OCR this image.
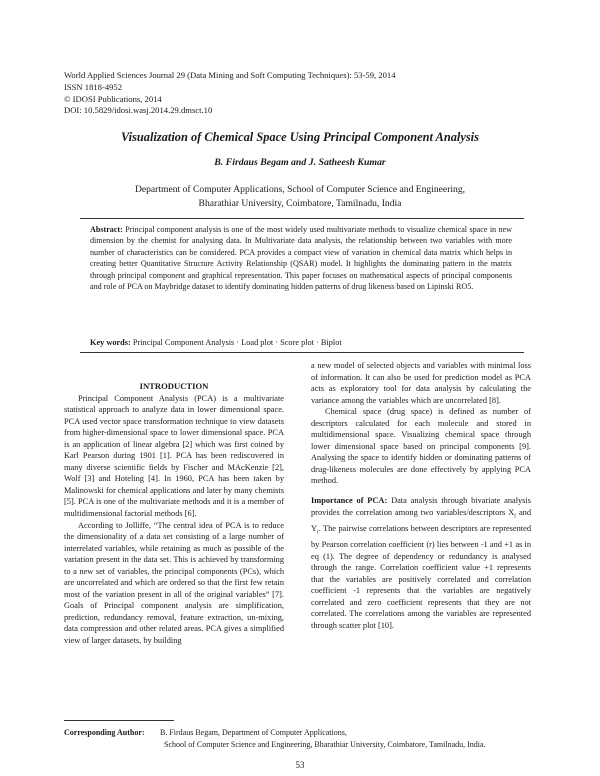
World Applied Sciences Journal 29 (Data Mining and Soft Computing Techniques): 53-59, 2014
ISSN 1818-4952
© IDOSI Publications, 2014
DOI: 10.5829/idosi.wasj.2014.29.dmsct.10
Visualization of Chemical Space Using Principal Component Analysis
B. Firdaus Begam and J. Satheesh Kumar
Department of Computer Applications, School of Computer Science and Engineering,
Bharathiar University, Coimbatore, Tamilnadu, India
Abstract: Principal component analysis is one of the most widely used multivariate methods to visualize chemical space in new dimension by the chemist for analysing data. In Multivariate data analysis, the relationship between two variables with more number of characteristics can be considered. PCA provides a compact view of variation in chemical data matrix which helps in creating better Quantitative Structure Activity Relationship (QSAR) model. It highlights the dominating pattern in the matrix through principal component and graphical representation. This paper focuses on mathematical aspects of principal components and role of PCA on Maybridge dataset to identify dominating hidden patterns of drug likeness based on Lipinski RO5.
Key words: Principal Component Analysis · Load plot · Score plot · Biplot

INTRODUCTION

Principal Component Analysis (PCA) is a multivariate statistical approach to analyze data in lower dimensional space. PCA used vector space transformation technique to view datasets from higher-dimensional space to lower dimensional space. PCA is an application of linear algebra [2] which was first coined by Karl Pearson during 1901 [1]. PCA has been rediscovered in many diverse scientific fields by Fischer and MAcKenzie [2], Wolf [3] and Hoteling [4]. In 1960, PCA has been taken by Malinowski for chemical applications and later by many chemists [5]. PCA is one of the multivariate methods and it is a member of multidimensional factorial methods [6].

According to Jolliffe, “The central idea of PCA is to reduce the dimensionality of a data set consisting of a large number of interrelated variables, while retaining as much as possible of the variation present in the data set. This is achieved by transforming to a new set of variables, the principal components (PCs), which are uncorrelated and which are ordered so that the first few retain most of the variation present in all of the original variables” [7]. Goals of Principal component analysis are simplification, prediction, redundancy removal, feature extraction, un-mixing, data compression and other related areas. PCA gives a simplified view of larger datasets, by building

a new model of selected objects and variables with minimal loss of information. It can also be used for prediction model as PCA acts as exploratory tool for data analysis by calculating the variance among the variables which are uncorrelated [8].

Chemical space (drug space) is defined as number of descriptors calculated for each molecule and stored in multidimensional space. Visualizing chemical space through lower dimensional space based on principal components [9]. Analysing the space to identify hidden or dominating patterns of drug-likeness molecules are done effectively by applying PCA method.

Importance of PCA: Data analysis through bivariate analysis provides the correlation among two variables/descriptors $X_i$ and $Y_i$. The pairwise correlations between descriptors are represented by Pearson correlation coefficient (r) lies between -1 and +1 as in eq (1). The degree of dependency or redundancy is analysed through the range. Correlation coefficient value +1 represents that the variables are positively correlated and correlation coefficient -1 represents that the variables are negatively correlated and zero coefficient represents that they are not correlated. The correlations among the variables are represented through scatter plot [10].

Corresponding Author: B. Firdaus Begam, Department of Computer Applications,
School of Computer Science and Engineering, Bharathiar University, Coimbatore, Tamilnadu, India.
53
